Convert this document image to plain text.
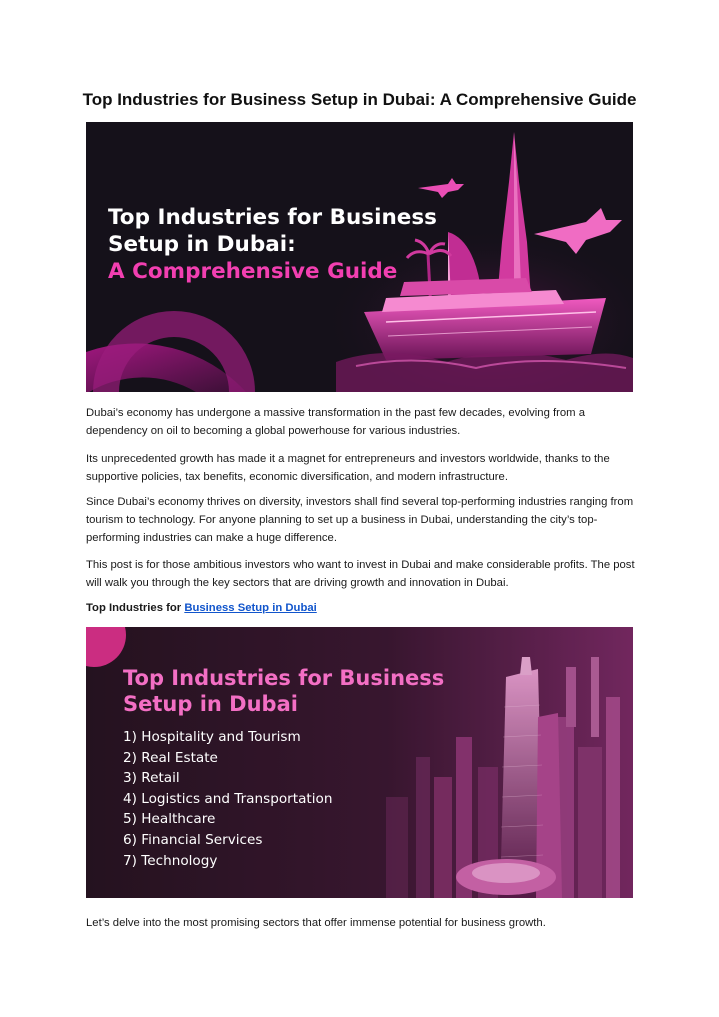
Top Industries for Business Setup in Dubai: A Comprehensive Guide
Top Industries for Business
Setup in Dubai:
A Comprehensive Guide

Dubai’s economy has undergone a massive transformation in the past few decades, evolving from a dependency on oil to becoming a global powerhouse for various industries.

Its unprecedented growth has made it a magnet for entrepreneurs and investors worldwide, thanks to the supportive policies, tax benefits, economic diversification, and modern infrastructure.

Since Dubai’s economy thrives on diversity, investors shall find several top-performing industries ranging from tourism to technology. For anyone planning to set up a business in Dubai, understanding the city’s top-performing industries can make a huge difference.

This post is for those ambitious investors who want to invest in Dubai and make considerable profits. The post will walk you through the key sectors that are driving growth and innovation in Dubai.

Top Industries for Business Setup in Dubai

Top Industries for Business
Setup in Dubai
1) Hospitality and Tourism
2) Real Estate
3) Retail
4) Logistics and Transportation
5) Healthcare
6) Financial Services
7) Technology

Let’s delve into the most promising sectors that offer immense potential for business growth.
